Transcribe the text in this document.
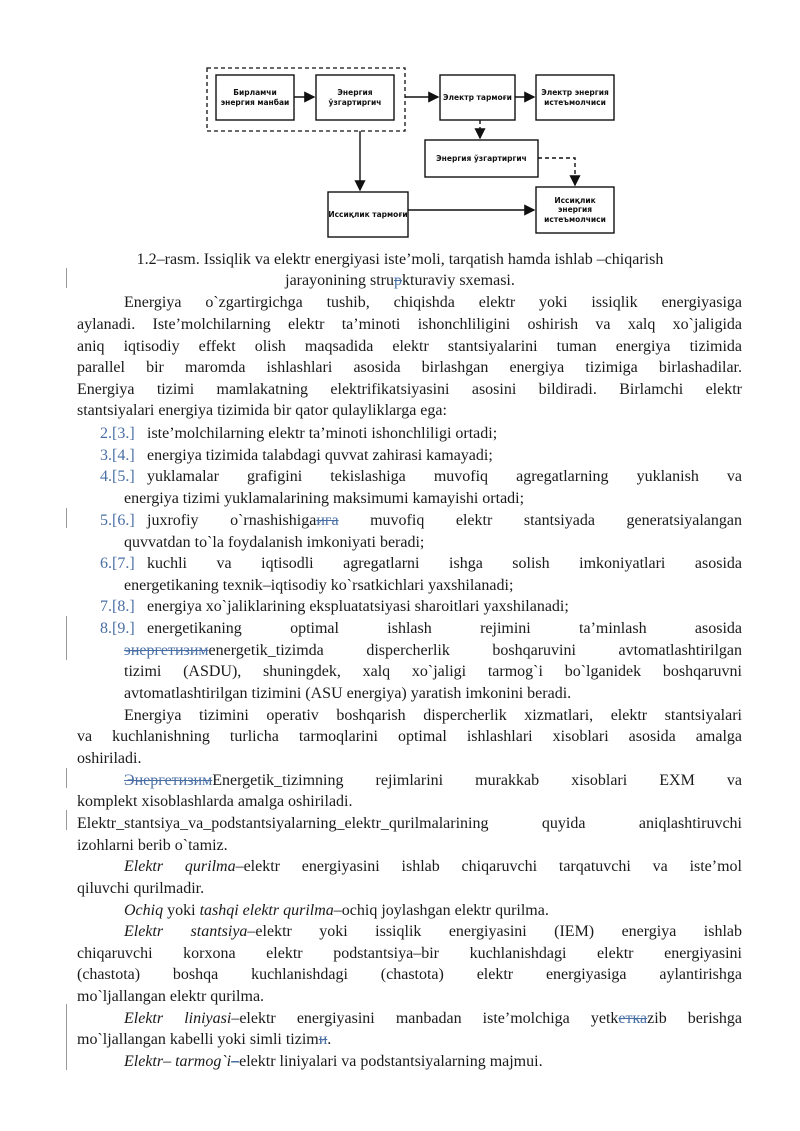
Бирламчи энергия манбаи
Энергия ўзгартиргич
Электр тармоғи
Электр энергия истеъмолчиси
Энергия ўзгартиргич
Иссиқлик тармоғи
Иссиқлик энергия истеъмолчиси
1.2–rasm. Issiqlik va elektr energiyasi iste’moli, tarqatish hamda ishlab –chiqarish
jarayonining struрkturaviy sxemasi.
Energiya o`zgartirgichga tushib, chiqishda elektr yoki issiqlik energiyasiga
aylanadi. Iste’molchilarning elektr ta’minoti ishonchliligini oshirish va xalq xo`jaligida
aniq iqtisodiy effekt olish maqsadida elektr stantsiyalarini tuman energiya tizimida
parallel bir maromda ishlashlari asosida birlashgan energiya tizimiga birlashadilar.
Energiya tizimi mamlakatning elektrifikatsiyasini asosini bildiradi. Birlamchi elektr
stantsiyalari energiya tizimida bir qator qulayliklarga ega:
2.[3.] iste’molchilarning elektr ta’minoti ishonchliligi ortadi;
3.[4.] energiya tizimida talabdagi quvvat zahirasi kamayadi;
4.[5.] yuklamalar grafigini tekislashiga muvofiq agregatlarning yuklanish va
energiya tizimi yuklamalarining maksimumi kamayishi ortadi;
5.[6.] juxrofiy o`rnashishigaига muvofiq elektr stantsiyada generatsiyalangan
quvvatdan to`la foydalanish imkoniyati beradi;
6.[7.] kuchli va iqtisodli agregatlarni ishga solish imkoniyatlari asosida
energetikaning texnik–iqtisodiy ko`rsatkichlari yaxshilanadi;
7.[8.] energiya xo`jaliklarining ekspluatatsiyasi sharoitlari yaxshilanadi;
8.[9.] energetikaning optimal ishlash rejimini ta’minlash asosida
энергетизимenergetik_tizimda dispercherlik boshqaruvini avtomatlashtirilgan
tizimi (ASDU), shuningdek, xalq xo`jaligi tarmog`i bo`lganidek boshqaruvni
avtomatlashtirilgan tizimini (ASU energiya) yaratish imkonini beradi.
Energiya tizimini operativ boshqarish dispercherlik xizmatlari, elektr stantsiyalari
va kuchlanishning turlicha tarmoqlarini optimal ishlashlari xisoblari asosida amalga
oshiriladi.
ЭнергетизимEnergetik_tizimning rejimlarini murakkab xisoblari EXM va
komplekt xisoblashlarda amalga oshiriladi.
Elektr_stantsiya_va_podstantsiyalarning_elektr_qurilmalarining quyida aniqlashtiruvchi
izohlarni berib o`tamiz.
Elektr qurilma–elektr energiyasini ishlab chiqaruvchi tarqatuvchi va iste’mol
qiluvchi qurilmadir.
Ochiq yoki tashqi elektr qurilma–ochiq joylashgan elektr qurilma.
Elektr stantsiya–elektr yoki issiqlik energiyasini (IEM) energiya ishlab
chiqaruvchi korxona elektr podstantsiya–bir kuchlanishdagi elektr energiyasini
(chastota) boshqa kuchlanishdagi (chastota) elektr energiyasiga aylantirishga
mo`ljallangan elektr qurilma.
Elektr liniyasi–elektr energiyasini manbadan iste’molchiga yetkеткаzib berishga
mo`ljallangan kabelli yoki simli tizimи.
Elektr– tarmog`i–elektr liniyalari va podstantsiyalarning majmui.
